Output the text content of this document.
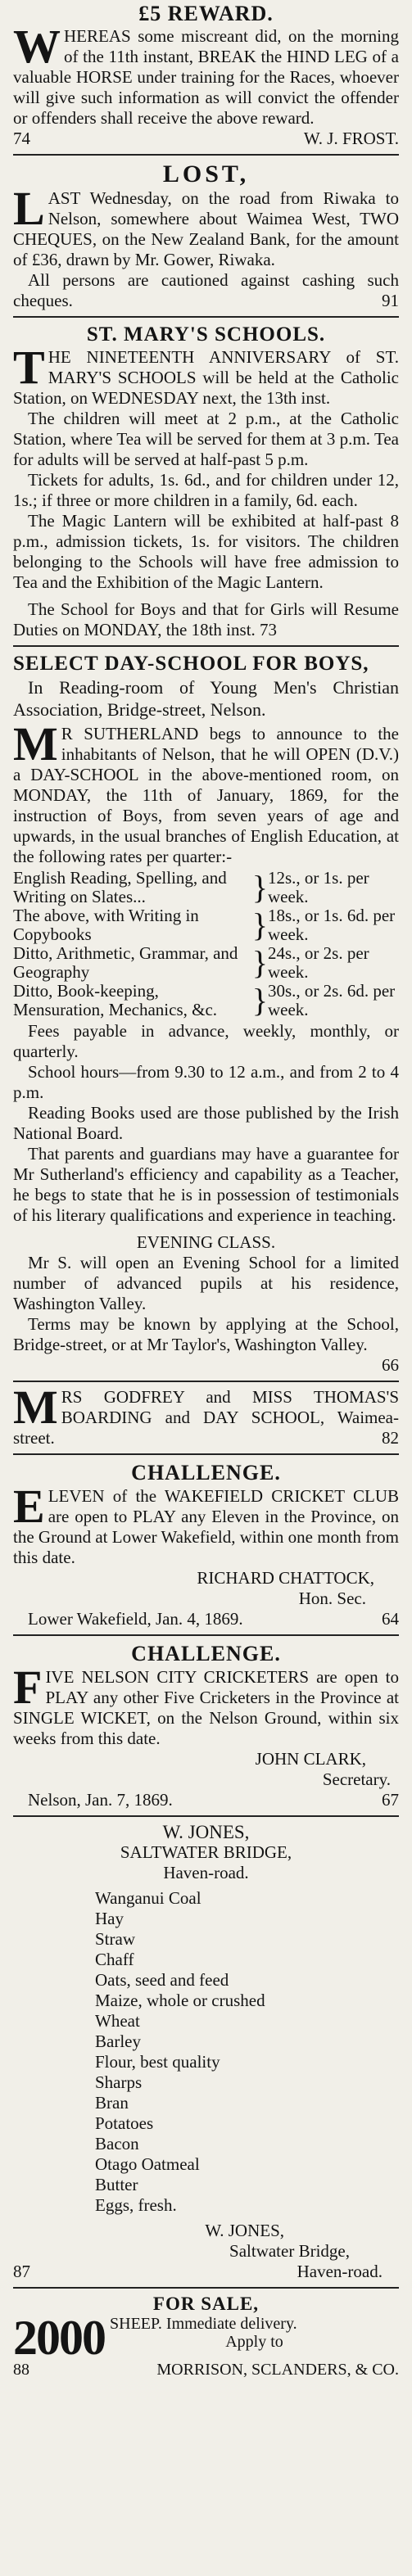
£5 REWARD.

WHEREAS some miscreant did, on the morning of the 11th instant, BREAK the HIND LEG of a valuable HORSE under training for the Races, whoever will give such information as will convict the offender or offenders shall receive the above reward.

74	W. J. FROST.
LOST,

LAST Wednesday, on the road from Riwaka to Nelson, somewhere about Waimea West, TWO CHEQUES, on the New Zealand Bank, for the amount of £36, drawn by Mr. Gower, Riwaka.

All persons are cautioned against cashing such cheques.	91

ST. MARY'S SCHOOLS.

THE NINETEENTH ANNIVERSARY of ST. MARY'S SCHOOLS will be held at the Catholic Station, on WEDNESDAY next, the 13th inst.

The children will meet at 2 p.m., at the Catholic Station, where Tea will be served for them at 3 p.m. Tea for adults will be served at half-past 5 p.m.

Tickets for adults, 1s. 6d., and for children under 12, 1s.; if three or more children in a family, 6d. each.

The Magic Lantern will be exhibited at half-past 8 p.m., admission tickets, 1s. for visitors. The children belonging to the Schools will have free admission to Tea and the Exhibition of the Magic Lantern.

The School for Boys and that for Girls will Resume Duties on MONDAY, the 18th inst. 73

SELECT DAY-SCHOOL FOR BOYS,

In Reading-room of Young Men's Christian Association, Bridge-street, Nelson.

M R SUTHERLAND begs to announce to the inhabitants of Nelson, that he will OPEN (D.V.) a DAY-SCHOOL in the above-mentioned room, on MONDAY, the 11th of January, 1869, for the instruction of Boys, from seven years of age and upwards, in the usual branches of English Education, at the following rates per quarter:-

English Reading, Spelling, and Writing on Slates...	}	12s., or 1s. per week.
The above, with Writing in Copybooks	}	18s., or 1s. 6d. per week.
Ditto, Arithmetic, Grammar, and Geography	}	24s., or 2s. per week.
Ditto, Book-keeping, Mensuration, Mechanics, &c.	}	30s., or 2s. 6d. per week.

Fees payable in advance, weekly, monthly, or quarterly.

School hours—from 9.30 to 12 a.m., and from 2 to 4 p.m.

Reading Books used are those published by the Irish National Board.

That parents and guardians may have a guarantee for Mr Sutherland's efficiency and capability as a Teacher, he begs to state that he is in possession of testimonials of his literary qualifications and experience in teaching.

EVENING CLASS.

Mr S. will open an Evening School for a limited number of advanced pupils at his residence, Washington Valley.

Terms may be known by applying at the School, Bridge-street, or at Mr Taylor's, Washington Valley.

66

MRS GODFREY and MISS THOMAS'S BOARDING and DAY SCHOOL, Waimea-street.	82

CHALLENGE.

ELEVEN of the WAKEFIELD CRICKET CLUB are open to PLAY any Eleven in the Province, on the Ground at Lower Wakefield, within one month from this date.

RICHARD CHATTOCK,
Hon. Sec.
Lower Wakefield, Jan. 4, 1869.	64
CHALLENGE.

FIVE NELSON CITY CRICKETERS are open to PLAY any other Five Cricketers in the Province at SINGLE WICKET, on the Nelson Ground, within six weeks from this date.

JOHN CLARK,
Secretary.
Nelson, Jan. 7, 1869.	67
W. JONES,
SALTWATER BRIDGE,
Haven-road.
Wanganui Coal
Hay
Straw
Chaff
Oats, seed and feed
Maize, whole or crushed
Wheat
Barley
Flour, best quality
Sharps
Bran
Potatoes
Bacon
Otago Oatmeal
Butter
Eggs, fresh.
W. JONES,
Saltwater Bridge,
87	Haven-road.
FOR SALE,
2000 SHEEP. Immediate delivery.
Apply to
88	MORRISON, SCLANDERS, & CO.
